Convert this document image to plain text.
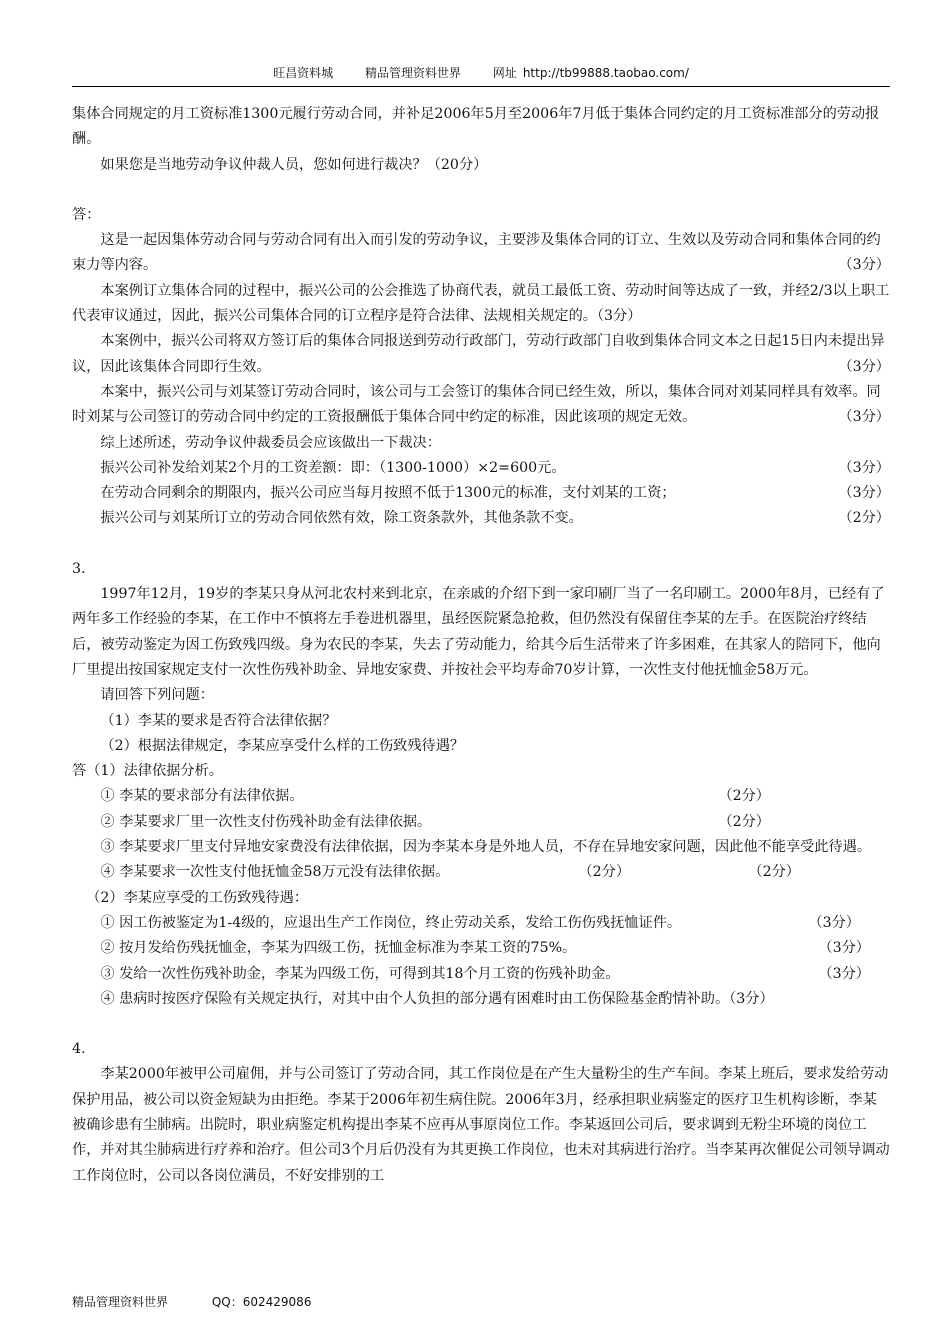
旺昌资料城	精品管理资料世界	网址 http://tb99888.taobao.com/

集体合同规定的月工资标准1300元履行劳动合同，并补足2006年5月至2006年7月低于集体合同约定的月工资标准部分的劳动报酬。

如果您是当地劳动争议仲裁人员，您如何进行裁决？（20分）

答：

这是一起因集体劳动合同与劳动合同有出入而引发的劳动争议，主要涉及集体合同的订立、生效以及劳动合同和集体合同的约束力等内容。	（3分）

本案例订立集体合同的过程中，振兴公司的公会推选了协商代表，就员工最低工资、劳动时间等达成了一致，并经2/3以上职工代表审议通过，因此，振兴公司集体合同的订立程序是符合法律、法规相关规定的。（3分）

本案例中，振兴公司将双方签订后的集体合同报送到劳动行政部门，劳动行政部门自收到集体合同文本之日起15日内未提出异议，因此该集体合同即行生效。	（3分）

本案中，振兴公司与刘某签订劳动合同时，该公司与工会签订的集体合同已经生效，所以，集体合同对刘某同样具有效率。同时刘某与公司签订的劳动合同中约定的工资报酬低于集体合同中约定的标准，因此该项的规定无效。	（3分）

综上述所述，劳动争议仲裁委员会应该做出一下裁决：

振兴公司补发给刘某2个月的工资差额：即：（1300-1000）×2=600元。	（3分）

在劳动合同剩余的期限内，振兴公司应当每月按照不低于1300元的标准，支付刘某的工资；	（3分）

振兴公司与刘某所订立的劳动合同依然有效，除工资条款外，其他条款不变。	（2分）

3.

1997年12月，19岁的李某只身从河北农村来到北京，在亲戚的介绍下到一家印刷厂当了一名印刷工。2000年8月，已经有了两年多工作经验的李某，在工作中不慎将左手卷进机器里，虽经医院紧急抢救，但仍然没有保留住李某的左手。在医院治疗终结后，被劳动鉴定为因工伤致残四级。身为农民的李某，失去了劳动能力，给其今后生活带来了许多困难，在其家人的陪同下，他向厂里提出按国家规定支付一次性伤残补助金、异地安家费、并按社会平均寿命70岁计算，一次性支付他抚恤金58万元。

请回答下列问题：

（1）李某的要求是否符合法律依据？

（2）根据法律规定，李某应享受什么样的工伤致残待遇？

答（1）法律依据分析。

① 李某的要求部分有法律依据。	（2分）

② 李某要求厂里一次性支付伤残补助金有法律依据。	（2分）

③ 李某要求厂里支付异地安家费没有法律依据，因为李某本身是外地人员，不存在异地安家问题，因此他不能享受此待遇。
（2分）

④ 李某要求一次性支付他抚恤金58万元没有法律依据。	（2分）

（2）李某应享受的工伤致残待遇：

① 因工伤被鉴定为1-4级的，应退出生产工作岗位，终止劳动关系，发给工伤伤残抚恤证件。	（3分）

② 按月发给伤残抚恤金，李某为四级工伤，抚恤金标准为李某工资的75%。	（3分）

③ 发给一次性伤残补助金，李某为四级工伤，可得到其18个月工资的伤残补助金。	（3分）

④ 患病时按医疗保险有关规定执行，对其中由个人负担的部分遇有困难时由工伤保险基金酌情补助。（3分）

4.

李某2000年被甲公司雇佣，并与公司签订了劳动合同，其工作岗位是在产生大量粉尘的生产车间。李某上班后，要求发给劳动保护用品，被公司以资金短缺为由拒绝。李某于2006年初生病住院。2006年3月，经承担职业病鉴定的医疗卫生机构诊断，李某被确诊患有尘肺病。出院时，职业病鉴定机构提出李某不应再从事原岗位工作。李某返回公司后，要求调到无粉尘环境的岗位工作，并对其尘肺病进行疗养和治疗。但公司3个月后仍没有为其更换工作岗位，也未对其病进行治疗。当李某再次催促公司领导调动工作岗位时，公司以各岗位满员，不好安排别的工

精品管理资料世界	QQ：602429086
